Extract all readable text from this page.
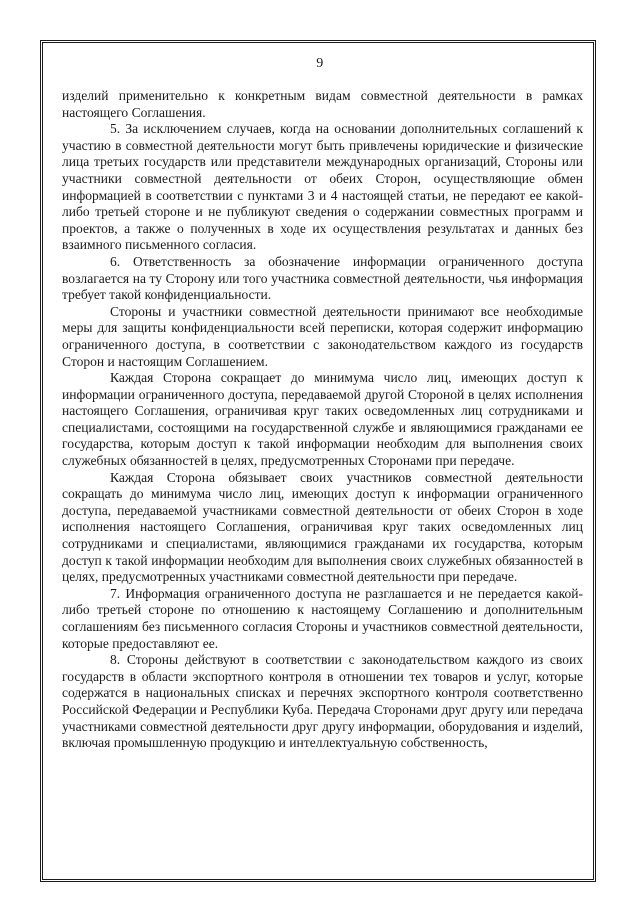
9

изделий применительно к конкретным видам совместной деятельности в рамках настоящего Соглашения.

5. За исключением случаев, когда на основании дополнительных соглашений к участию в совместной деятельности могут быть привлечены юридические и физические лица третьих государств или представители международных организаций, Стороны или участники совместной деятельности от обеих Сторон, осуществляющие обмен информацией в соответствии с пунктами 3 и 4 настоящей статьи, не передают ее какой-либо третьей стороне и не публикуют сведения о содержании совместных программ и проектов, а также о полученных в ходе их осуществления результатах и данных без взаимного письменного согласия.

6. Ответственность за обозначение информации ограниченного доступа возлагается на ту Сторону или того участника совместной деятельности, чья информация требует такой конфиденциальности.

Стороны и участники совместной деятельности принимают все необходимые меры для защиты конфиденциальности всей переписки, которая содержит информацию ограниченного доступа, в соответствии с законодательством каждого из государств Сторон и настоящим Соглашением.

Каждая Сторона сокращает до минимума число лиц, имеющих доступ к информации ограниченного доступа, передаваемой другой Стороной в целях исполнения настоящего Соглашения, ограничивая круг таких осведомленных лиц сотрудниками и специалистами, состоящими на государственной службе и являющимися гражданами ее государства, которым доступ к такой информации необходим для выполнения своих служебных обязанностей в целях, предусмотренных Сторонами при передаче.

Каждая Сторона обязывает своих участников совместной деятельности сокращать до минимума число лиц, имеющих доступ к информации ограниченного доступа, передаваемой участниками совместной деятельности от обеих Сторон в ходе исполнения настоящего Соглашения, ограничивая круг таких осведомленных лиц сотрудниками и специалистами, являющимися гражданами их государства, которым доступ к такой информации необходим для выполнения своих служебных обязанностей в целях, предусмотренных участниками совместной деятельности при передаче.

7. Информация ограниченного доступа не разглашается и не передается какой-либо третьей стороне по отношению к настоящему Соглашению и дополнительным соглашениям без письменного согласия Стороны и участников совместной деятельности, которые предоставляют ее.

8. Стороны действуют в соответствии с законодательством каждого из своих государств в области экспортного контроля в отношении тех товаров и услуг, которые содержатся в национальных списках и перечнях экспортного контроля соответственно Российской Федерации и Республики Куба. Передача Сторонами друг другу или передача участниками совместной деятельности друг другу информации, оборудования и изделий, включая промышленную продукцию и интеллектуальную собственность,
